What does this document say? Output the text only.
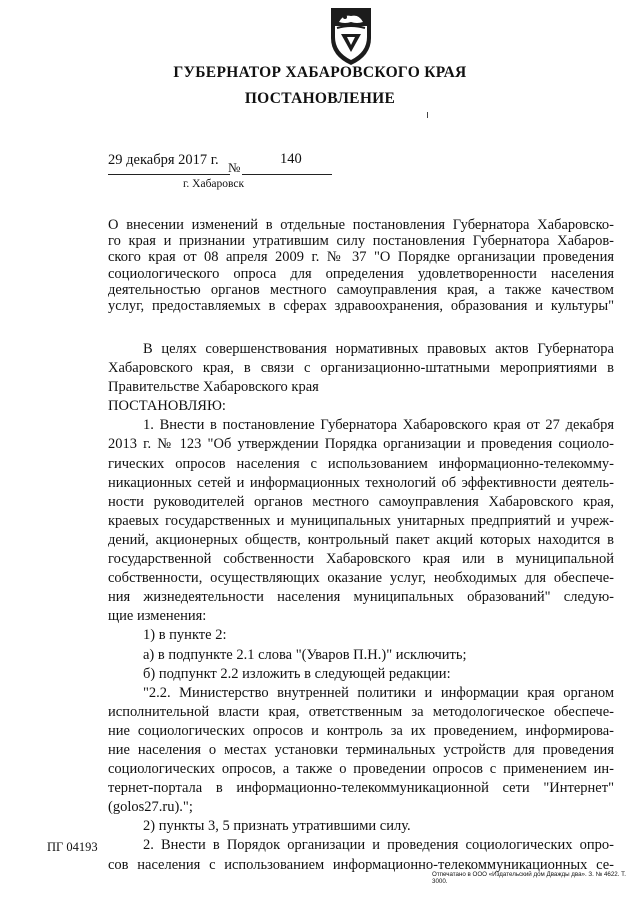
ГУБЕРНАТОР ХАБАРОВСКОГО КРАЯ
ПОСТАНОВЛЕНИЕ
29 декабря 2017 г. №
140
г. Хабаровск
О внесении изменений в отдельные постановления Губернатора Хабаровско-
го края и признании утратившим силу постановления Губернатора Хабаров-
ского края от 08 апреля 2009 г. № 37 "О Порядке организации проведения
социологического опроса для определения удовлетворенности населения
деятельностью органов местного самоуправления края, а также качеством
услуг, предоставляемых в сферах здравоохранения, образования и культуры"
В целях совершенствования нормативных правовых актов Губернатора
Хабаровского края, в связи с организационно-штатными мероприятиями в
Правительстве Хабаровского края
ПОСТАНОВЛЯЮ:
1. Внести в постановление Губернатора Хабаровского края от 27 декабря
2013 г. № 123 "Об утверждении Порядка организации и проведения социоло-
гических опросов населения с использованием информационно-телекомму-
никационных сетей и информационных технологий об эффективности деятель-
ности руководителей органов местного самоуправления Хабаровского края,
краевых государственных и муниципальных унитарных предприятий и учреж-
дений, акционерных обществ, контрольный пакет акций которых находится в
государственной собственности Хабаровского края или в муниципальной
собственности, осуществляющих оказание услуг, необходимых для обеспече-
ния жизнедеятельности населения муниципальных образований" следую-
щие изменения:
1) в пункте 2:
а) в подпункте 2.1 слова "(Уваров П.Н.)" исключить;
б) подпункт 2.2 изложить в следующей редакции:
"2.2. Министерство внутренней политики и информации края органом
исполнительной власти края, ответственным за методологическое обеспече-
ние социологических опросов и контроль за их проведением, информирова-
ние населения о местах установки терминальных устройств для проведения
социологических опросов, а также о проведении опросов с применением ин-
тернет-портала в информационно-телекоммуникационной сети "Интернет"
(golos27.ru).";
2) пункты 3, 5 признать утратившими силу.
2. Внести в Порядок организации и проведения социологических опро-
сов населения с использованием информационно-телекоммуникационных се-
ПГ 04193
Отпечатано в ООО «Издательский дом Дважды два». З. № 4622. Т. 3000.
